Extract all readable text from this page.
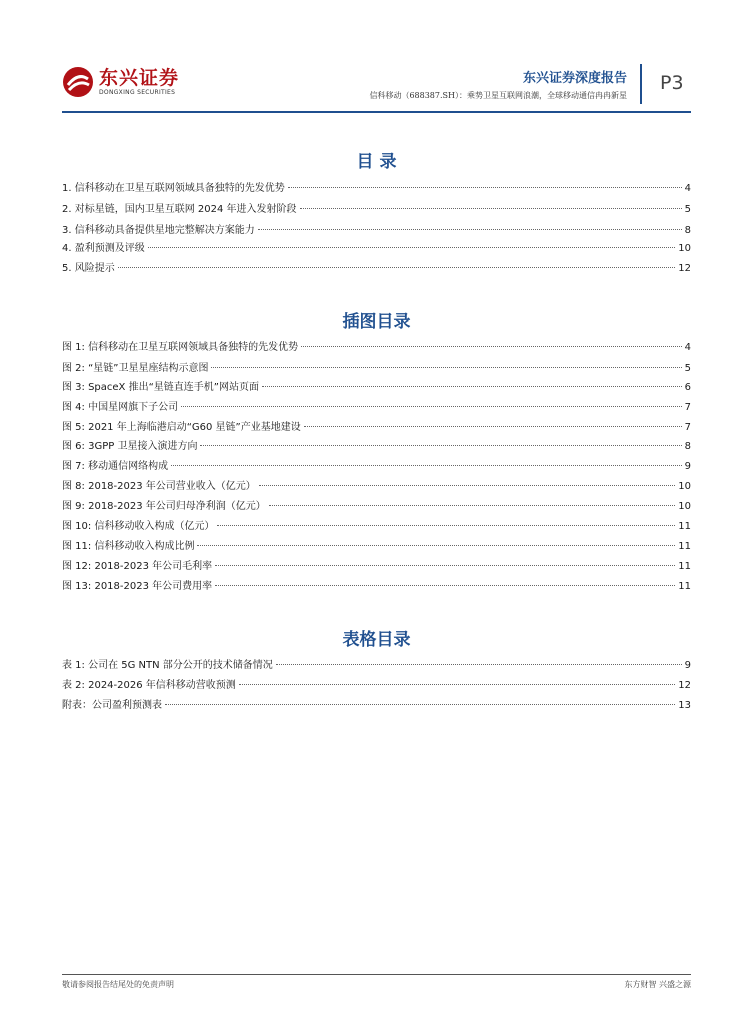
东兴证券
DONGXING SECURITIES
东兴证券深度报告
信科移动（688387.SH）：乘势卫星互联网浪潮，全球移动通信冉冉新星
P3
目 录
1. 信科移动在卫星互联网领域具备独特的先发优势	4
2. 对标星链，国内卫星互联网 2024 年进入发射阶段	5
3. 信科移动具备提供星地完整解决方案能力	8
4. 盈利预测及评级	10
5. 风险提示	12
插图目录
图 1: 信科移动在卫星互联网领域具备独特的先发优势	4
图 2: “星链”卫星星座结构示意图	5
图 3: SpaceX 推出“星链直连手机”网站页面	6
图 4: 中国星网旗下子公司	7
图 5: 2021 年上海临港启动“G60 星链”产业基地建设	7
图 6: 3GPP 卫星接入演进方向	8
图 7: 移动通信网络构成	9
图 8: 2018-2023 年公司营业收入（亿元）	10
图 9: 2018-2023 年公司归母净利润（亿元）	10
图 10: 信科移动收入构成（亿元）	11
图 11: 信科移动收入构成比例	11
图 12: 2018-2023 年公司毛利率	11
图 13: 2018-2023 年公司费用率	11
表格目录
表 1: 公司在 5G NTN 部分公开的技术储备情况	9
表 2: 2024-2026 年信科移动营收预测	12
附表：公司盈利预测表	13
敬请参阅报告结尾处的免责声明	东方财智 兴盛之源
